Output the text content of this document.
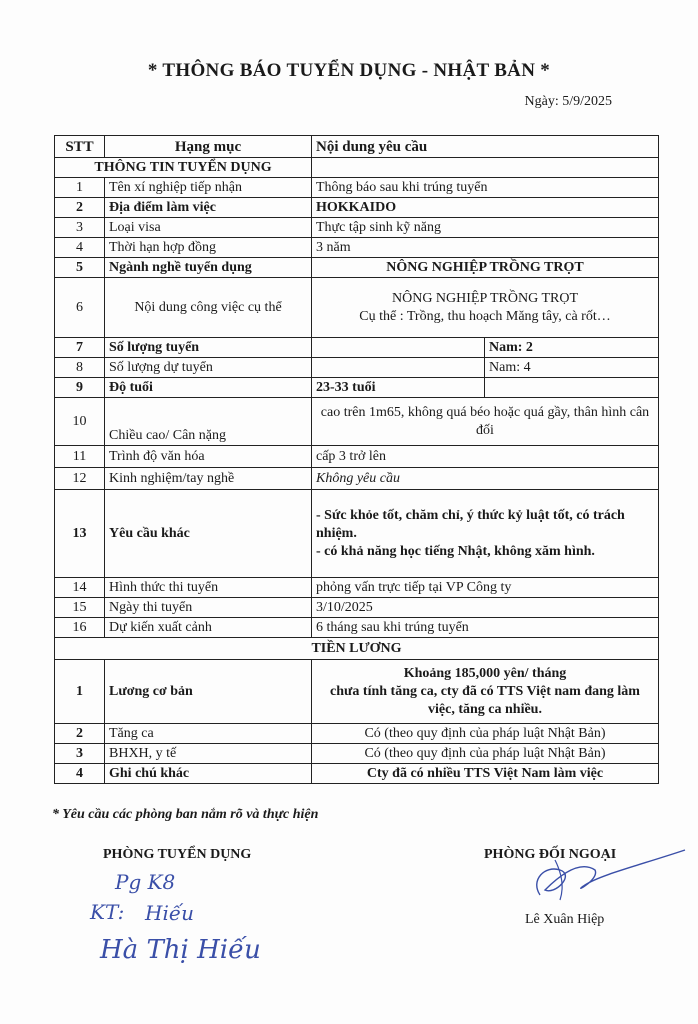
* THÔNG BÁO TUYỂN DỤNG - NHẬT BẢN *
Ngày: 5/9/2025
STT	Hạng mục	Nội dung yêu cầu	
THÔNG TIN TUYỂN DỤNG			
1	Tên xí nghiệp tiếp nhận	Thông báo sau khi trúng tuyển	
2	Địa điểm làm việc	HOKKAIDO	
3	Loại visa	Thực tập sinh kỹ năng	
4	Thời hạn hợp đồng	3 năm	
5	Ngành nghề tuyển dụng	NÔNG NGHIỆP TRỒNG TRỌT	
6	Nội dung công việc cụ thể	NÔNG NGHIỆP TRỒNG TRỌT
Cụ thể : Trồng, thu hoạch Măng tây, cà rốt…	

7	Số lượng tuyển		Nam: 2
8	Số lượng dự tuyển		Nam: 4
9	Độ tuổi	23-33 tuổi	
10	Chiều cao/ Cân nặng	cao trên 1m65, không quá béo hoặc quá gầy, thân hình cân đối	
11	Trình độ văn hóa	cấp 3 trở lên	
12	Kinh nghiệm/tay nghề	Không yêu cầu	
13	Yêu cầu khác	- Sức khỏe tốt, chăm chỉ, ý thức kỷ luật tốt, có trách nhiệm.
- có khả năng học tiếng Nhật, không xăm hình.	

14	Hình thức thi tuyển	phỏng vấn trực tiếp tại VP Công ty	
15	Ngày thi tuyển	3/10/2025	
16	Dự kiến xuất cảnh	6 tháng sau khi trúng tuyển	
TIỀN LƯƠNG			
1	Lương cơ bản	Khoảng 185,000 yên/ tháng
chưa tính tăng ca, cty đã có TTS Việt nam đang làm việc, tăng ca nhiều.	

2	Tăng ca	Có (theo quy định của pháp luật Nhật Bản)	
3	BHXH, y tế	Có (theo quy định của pháp luật Nhật Bản)	
4	Ghi chú khác	Cty đã có nhiều TTS Việt Nam làm việc	
* Yêu cầu các phòng ban nắm rõ và thực hiện
PHÒNG TUYỂN DỤNG	PHÒNG ĐỐI NGOẠI
Pg K8
KT: Hiếu
Hà Thị Hiếu
Lê Xuân Hiệp
